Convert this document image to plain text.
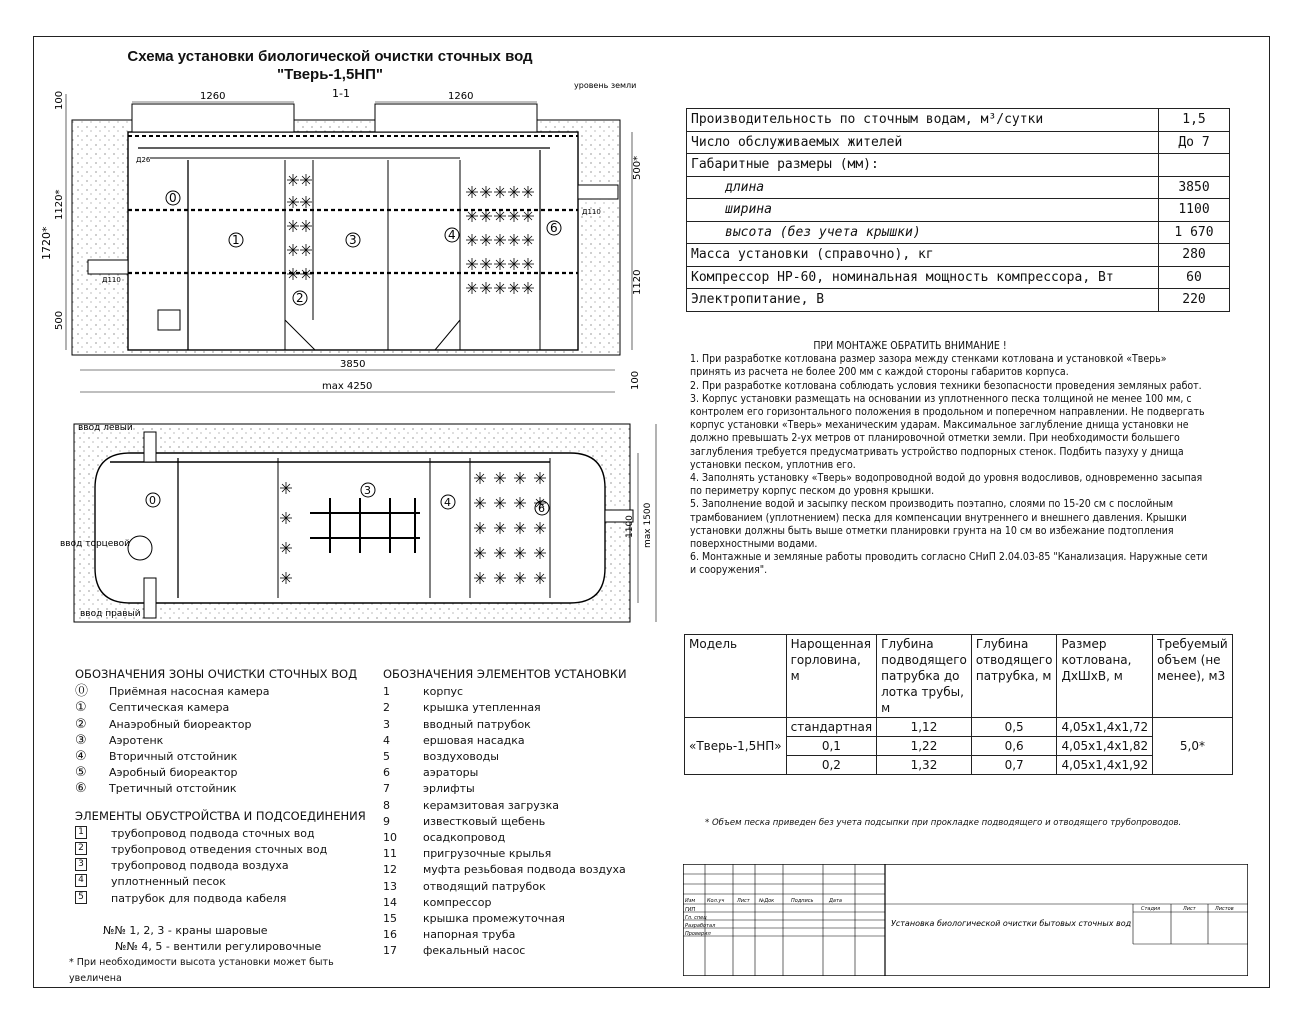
Схема установки биологической очистки сточных вод
"Тверь-1,5НП"
0
1
2
3	4	6
1260	1260
1-1
3850
max 4250
100
1120*
1720*
500
500*
1120
100
уровень земли
Д110
Д110
Д26
0
3
4	6
ввод левый
ввод торцевой
ввод правый
1100 max 1500
Производительность по сточным водам, м³/сутки	1,5
Число обслуживаемых жителей	До 7
Габаритные размеры (мм):	
длина	3850
ширина	1100
высота (без учета крышки)	1 670
Масса установки (справочно), кг	280
Компрессор HP-60, номинальная мощность компрессора, Вт	60
Электропитание, В	220
ПРИ МОНТАЖЕ ОБРАТИТЬ ВНИМАНИЕ !
1. При разработке котлована размер зазора между стенками котлована и установкой «Тверь» принять из расчета не более 200 мм с каждой стороны габаритов корпуса.
2. При разработке котлована соблюдать условия техники безопасности проведения земляных работ.
3. Корпус установки размещать на основании из уплотненного песка толщиной не менее 100 мм, с контролем его горизонтального положения в продольном и поперечном направлении. Не подвергать корпус установки «Тверь» механическим ударам. Максимальное заглубление днища установки не должно превышать 2-ух метров от планировочной отметки земли. При необходимости большего заглубления требуется предусматривать устройство подпорных стенок. Подбить пазуху у днища установки песком, уплотнив его.
4. Заполнять установку «Тверь» водопроводной водой до уровня водосливов, одновременно засыпая по периметру корпус песком до уровня крышки.
5. Заполнение водой и засыпку песком производить поэтапно, слоями по 15-20 см с послойным трамбованием (уплотнением) песка для компенсации внутреннего и внешнего давления. Крышки установки должны быть выше отметки планировки грунта на 10 см во избежание подтопления поверхностными водами.
6. Монтажные и земляные работы проводить согласно СНиП 2.04.03-85 "Канализация. Наружные сети и сооружения".
Модель	Нарощенная горловина, м	Глубина подводящего патрубка до лотка трубы, м	Глубина отводящего патрубка, м	Размер котлована, ДхШхВ, м	Требуемый объем (не менее), м3
«Тверь-1,5НП»	стандартная	1,12	0,5	4,05х1,4х1,72	5,0*
	0,1	1,22	0,6	4,05х1,4х1,82	
	0,2	1,32	0,7	4,05х1,4х1,92	
* Объем песка приведен без учета подсыпки при прокладке подводящего и отводящего трубопроводов.
ОБОЗНАЧЕНИЯ ЗОНЫ ОЧИСТКИ СТОЧНЫХ ВОД
⓪	Приёмная насосная камера
①	Септическая камера
②	Анаэробный биореактор
③	Аэротенк
④	Вторичный отстойник
⑤	Аэробный биореактор
⑥	Третичный отстойник
ЭЛЕМЕНТЫ ОБУСТРОЙСТВА И ПОДСОЕДИНЕНИЯ
1 трубопровод подвода сточных вод
2 трубопровод отведения сточных вод
3 трубопровод подвода воздуха
4 уплотненный песок
5 патрубок для подвода кабеля
№№ 1, 2, 3 - краны шаровые
№№ 4, 5 - вентили регулировочные
* При необходимости высота установки может быть увеличена
ОБОЗНАЧЕНИЯ ЭЛЕМЕНТОВ УСТАНОВКИ
1	корпус
2	крышка утепленная
3	вводный патрубок
4	ершовая насадка
5	воздуховоды
6	аэраторы
7	эрлифты
8	керамзитовая загрузка
9	известковый щебень
10	осадкопровод
11	пригрузочные крылья
12	муфта резьбовая подвода воздуха
13	отводящий патрубок
14	компрессор
15	крышка промежуточная
16	напорная труба
17	фекальный насос
Изм Кол.уч	Лист №Док	Подпись	Дата
ГИП
Гл. спец
Разработал
Проверил
Стадия	Лист	Листов
Установка биологической очистки бытовых сточных вод
